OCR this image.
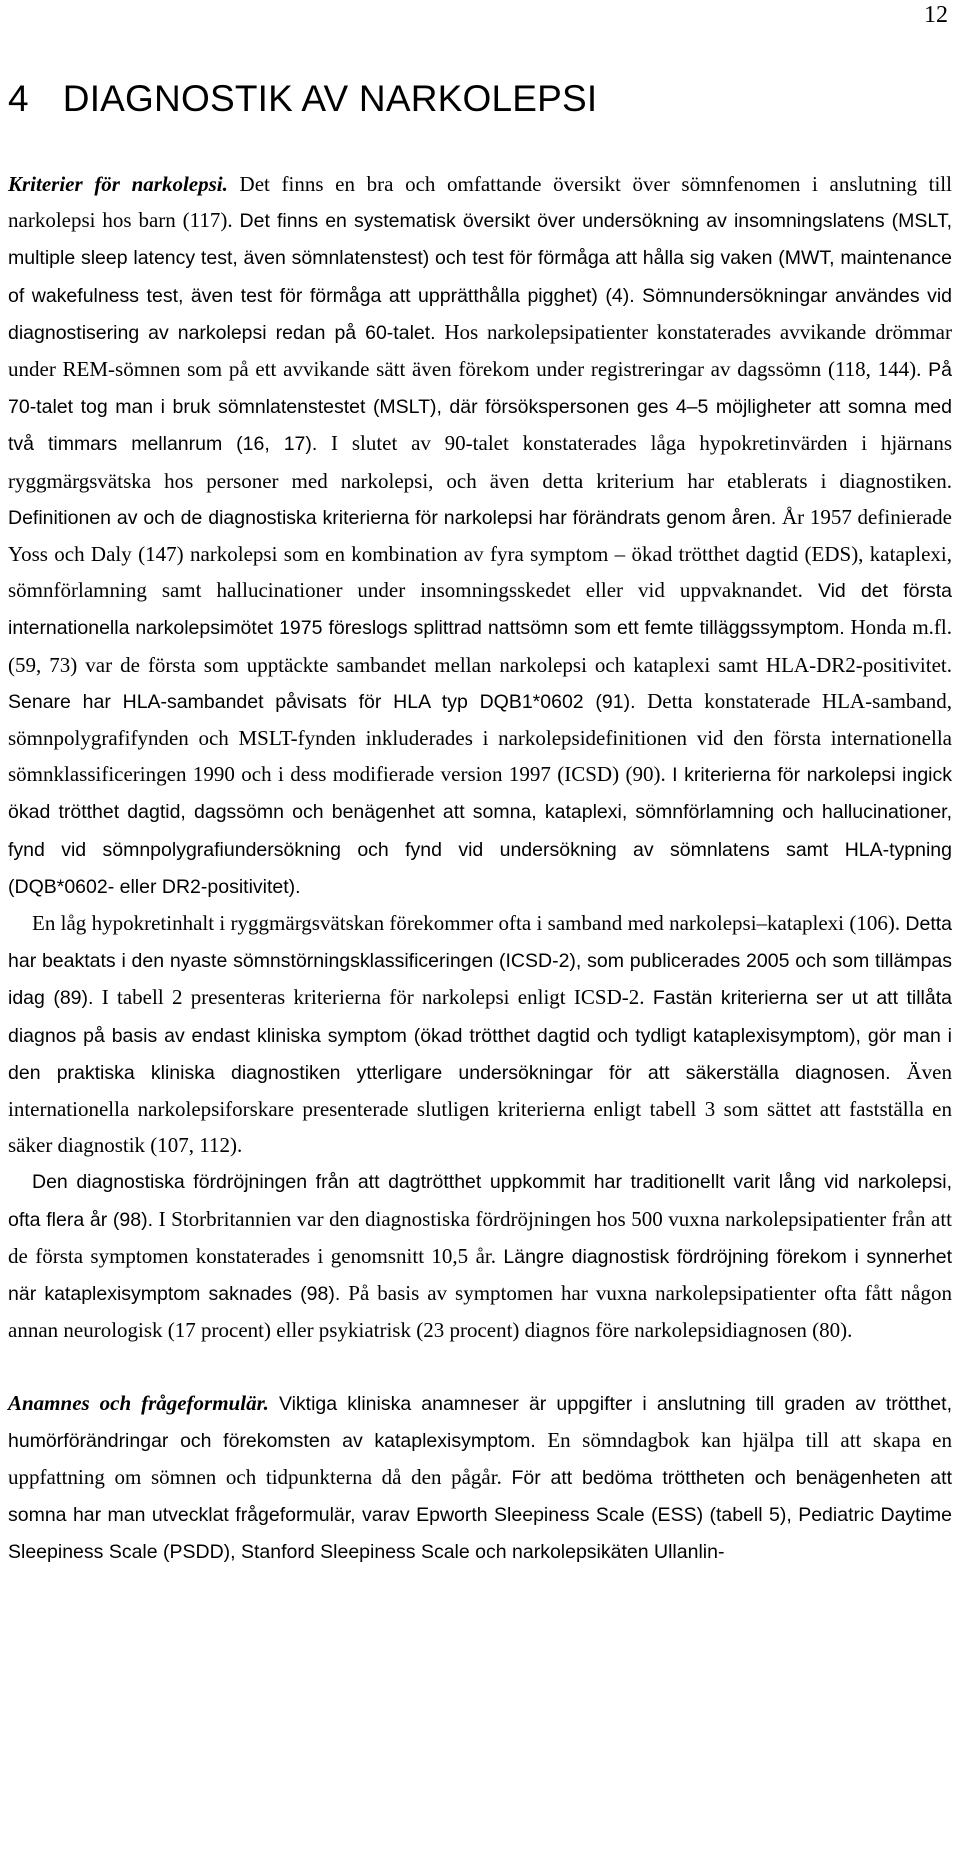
12
4 DIAGNOSTIK AV NARKOLEPSI

Kriterier för narkolepsi. Det finns en bra och omfattande översikt över sömnfenomen i anslutning till narkolepsi hos barn (117). Det finns en systematisk översikt över undersökning av insomningslatens (MSLT, multiple sleep latency test, även sömnlatenstest) och test för förmåga att hålla sig vaken (MWT, maintenance of wakefulness test, även test för förmåga att upprätthålla pigghet) (4). Sömnundersökningar användes vid diagnostisering av narkolepsi redan på 60-talet. Hos narkolepsipatienter konstaterades avvikande drömmar under REM-sömnen som på ett avvikande sätt även förekom under registreringar av dagssömn (118, 144). På 70-talet tog man i bruk sömnlatenstestet (MSLT), där försökspersonen ges 4–5 möjligheter att somna med två timmars mellanrum (16, 17). I slutet av 90-talet konstaterades låga hypokretinvärden i hjärnans ryggmärgsvätska hos personer med narkolepsi, och även detta kriterium har etablerats i diagnostiken. Definitionen av och de diagnostiska kriterierna för narkolepsi har förändrats genom åren. År 1957 definierade Yoss och Daly (147) narkolepsi som en kombination av fyra symptom – ökad trötthet dagtid (EDS), kataplexi, sömnförlamning samt hallucinationer under insomningsskedet eller vid uppvaknandet. Vid det första internationella narkolepsimötet 1975 föreslogs splittrad nattsömn som ett femte tilläggssymptom. Honda m.fl. (59, 73) var de första som upptäckte sambandet mellan narkolepsi och kataplexi samt HLA-DR2-positivitet. Senare har HLA-sambandet påvisats för HLA typ DQB1*0602 (91). Detta konstaterade HLA-samband, sömnpolygrafifynden och MSLT-fynden inkluderades i narkolepsidefinitionen vid den första internationella sömnklassificeringen 1990 och i dess modifierade version 1997 (ICSD) (90). I kriterierna för narkolepsi ingick ökad trötthet dagtid, dagssömn och benägenhet att somna, kataplexi, sömnförlamning och hallucinationer, fynd vid sömnpolygrafiundersökning och fynd vid undersökning av sömnlatens samt HLA-typning (DQB*0602- eller DR2-positivitet).

En låg hypokretinhalt i ryggmärgsvätskan förekommer ofta i samband med narkolepsi–kataplexi (106). Detta har beaktats i den nyaste sömnstörningsklassificeringen (ICSD-2), som publicerades 2005 och som tillämpas idag (89). I tabell 2 presenteras kriterierna för narkolepsi enligt ICSD-2. Fastän kriterierna ser ut att tillåta diagnos på basis av endast kliniska symptom (ökad trötthet dagtid och tydligt kataplexisymptom), gör man i den praktiska kliniska diagnostiken ytterligare undersökningar för att säkerställa diagnosen. Även internationella narkolepsiforskare presenterade slutligen kriterierna enligt tabell 3 som sättet att fastställa en säker diagnostik (107, 112).

Den diagnostiska fördröjningen från att dagtrötthet uppkommit har traditionellt varit lång vid narkolepsi, ofta flera år (98). I Storbritannien var den diagnostiska fördröjningen hos 500 vuxna narkolepsipatienter från att de första symptomen konstaterades i genomsnitt 10,5 år. Längre diagnostisk fördröjning förekom i synnerhet när kataplexisymptom saknades (98). På basis av symptomen har vuxna narkolepsipatienter ofta fått någon annan neurologisk (17 procent) eller psykiatrisk (23 procent) diagnos före narkolepsidiagnosen (80).

Anamnes och frågeformulär. Viktiga kliniska anamneser är uppgifter i anslutning till graden av trötthet, humörförändringar och förekomsten av kataplexisymptom. En sömndagbok kan hjälpa till att skapa en uppfattning om sömnen och tidpunkterna då den pågår. För att bedöma tröttheten och benägenheten att somna har man utvecklat frågeformulär, varav Epworth Sleepiness Scale (ESS) (tabell 5), Pediatric Daytime Sleepiness Scale (PSDD), Stanford Sleepiness Scale och narkolepsikäten Ullanlin-
